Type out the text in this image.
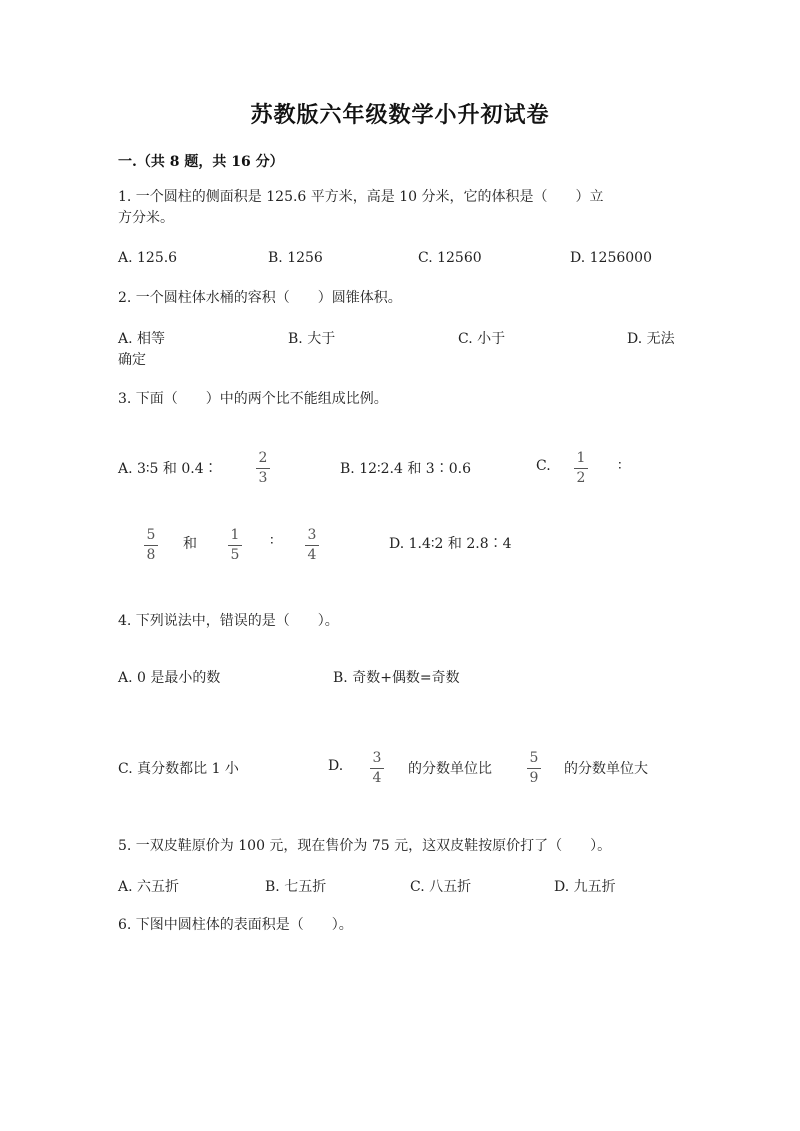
苏教版六年级数学小升初试卷
一.（共 8 题，共 16 分）
1. 一个圆柱的侧面积是 125.6 平方米，高是 10 分米，它的体积是（　　）立
方分米。
A. 125.6	B. 1256	C. 12560	D. 1256000
2. 一个圆柱体水桶的容积（　　）圆锥体积。
A. 相等	B. 大于	C. 小于	D. 无法
确定
3. 下面（　　）中的两个比不能组成比例。
A. 3∶5 和 0.4∶
2
3
B. 12∶2.4 和 3∶0.6	C.	1
2
∶
5
8
和
1
5
∶	3
4
D. 1.4∶2 和 2.8∶4
4. 下列说法中，错误的是（　　）。
A. 0 是最小的数	B. 奇数+偶数=奇数
C. 真分数都比 1 小	D.	3
4
的分数单位比
5
9
的分数单位大
5. 一双皮鞋原价为 100 元，现在售价为 75 元，这双皮鞋按原价打了（　　）。
A. 六五折	B. 七五折	C. 八五折	D. 九五折
6. 下图中圆柱体的表面积是（　　）。
